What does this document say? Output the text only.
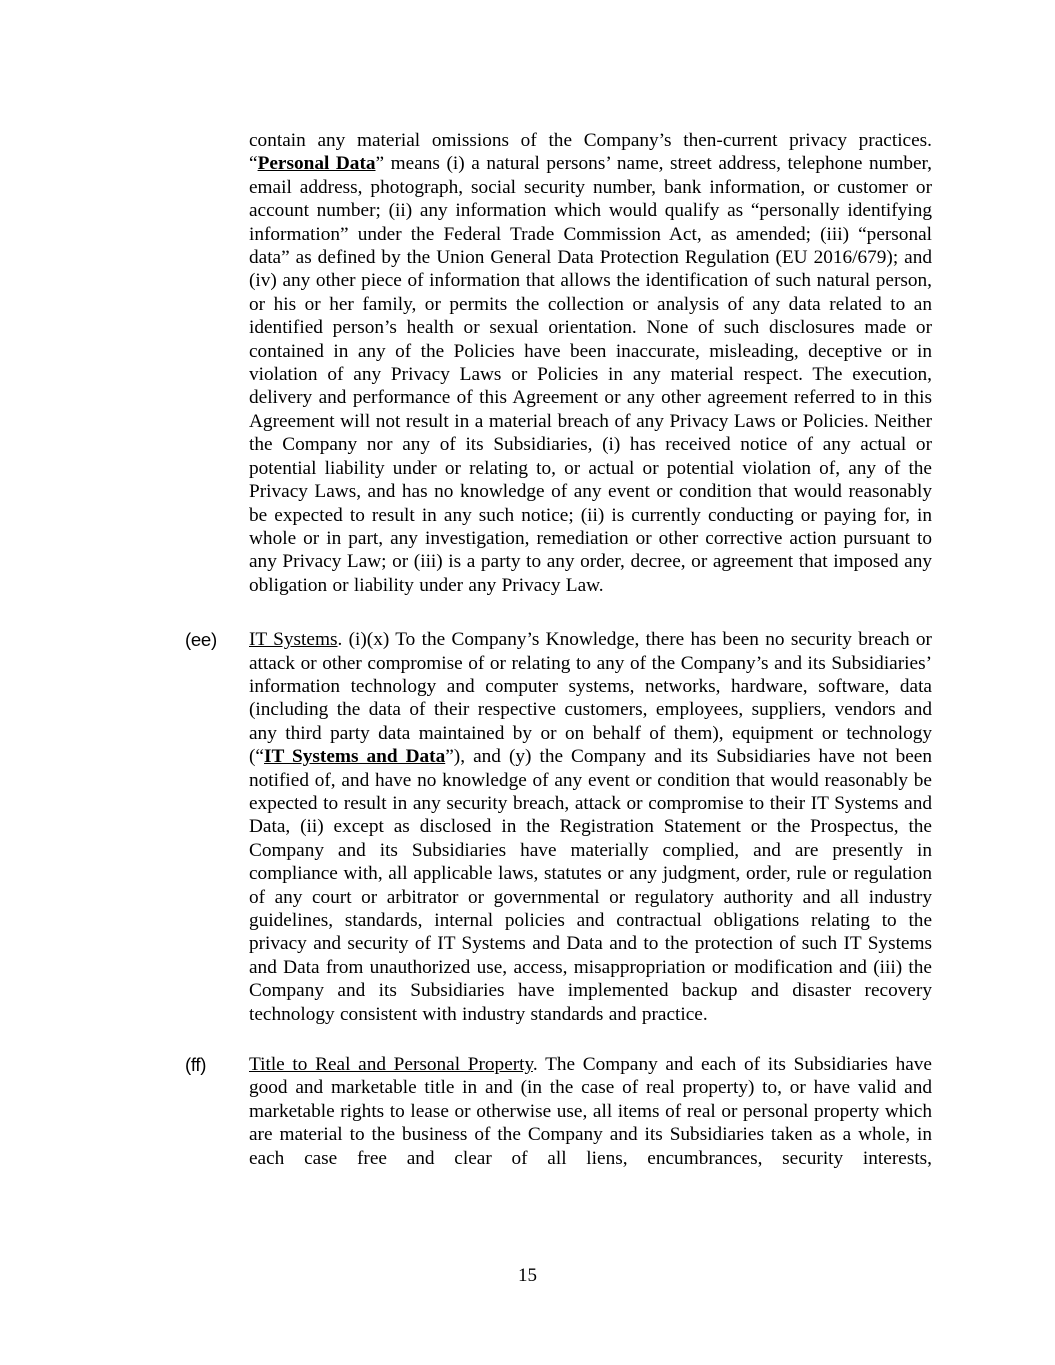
contain any material omissions of the Company’s then-current privacy practices. “Personal Data” means (i) a natural persons’ name, street address, telephone number, email address, photograph, social security number, bank information, or customer or account number; (ii) any information which would qualify as “personally identifying information” under the Federal Trade Commission Act, as amended; (iii) “personal data” as defined by the Union General Data Protection Regulation (EU 2016/679); and (iv) any other piece of information that allows the identification of such natural person, or his or her family, or permits the collection or analysis of any data related to an identified person’s health or sexual orientation. None of such disclosures made or contained in any of the Policies have been inaccurate, misleading, deceptive or in violation of any Privacy Laws or Policies in any material respect. The execution, delivery and performance of this Agreement or any other agreement referred to in this Agreement will not result in a material breach of any Privacy Laws or Policies. Neither the Company nor any of its Subsidiaries, (i) has received notice of any actual or potential liability under or relating to, or actual or potential violation of, any of the Privacy Laws, and has no knowledge of any event or condition that would reasonably be expected to result in any such notice; (ii) is currently conducting or paying for, in whole or in part, any investigation, remediation or other corrective action pursuant to any Privacy Law; or (iii) is a party to any order, decree, or agreement that imposed any obligation or liability under any Privacy Law.
(ee) IT Systems. (i)(x) To the Company’s Knowledge, there has been no security breach or attack or other compromise of or relating to any of the Company’s and its Subsidiaries’ information technology and computer systems, networks, hardware, software, data (including the data of their respective customers, employees, suppliers, vendors and any third party data maintained by or on behalf of them), equipment or technology (“IT Systems and Data”), and (y) the Company and its Subsidiaries have not been notified of, and have no knowledge of any event or condition that would reasonably be expected to result in any security breach, attack or compromise to their IT Systems and Data, (ii) except as disclosed in the Registration Statement or the Prospectus, the Company and its Subsidiaries have materially complied, and are presently in compliance with, all applicable laws, statutes or any judgment, order, rule or regulation of any court or arbitrator or governmental or regulatory authority and all industry guidelines, standards, internal policies and contractual obligations relating to the privacy and security of IT Systems and Data and to the protection of such IT Systems and Data from unauthorized use, access, misappropriation or modification and (iii) the Company and its Subsidiaries have implemented backup and disaster recovery technology consistent with industry standards and practice.
(ff) Title to Real and Personal Property. The Company and each of its Subsidiaries have good and marketable title in and (in the case of real property) to, or have valid and marketable rights to lease or otherwise use, all items of real or personal property which are material to the business of the Company and its Subsidiaries taken as a whole, in each case free and clear of all liens, encumbrances, security interests,
15
